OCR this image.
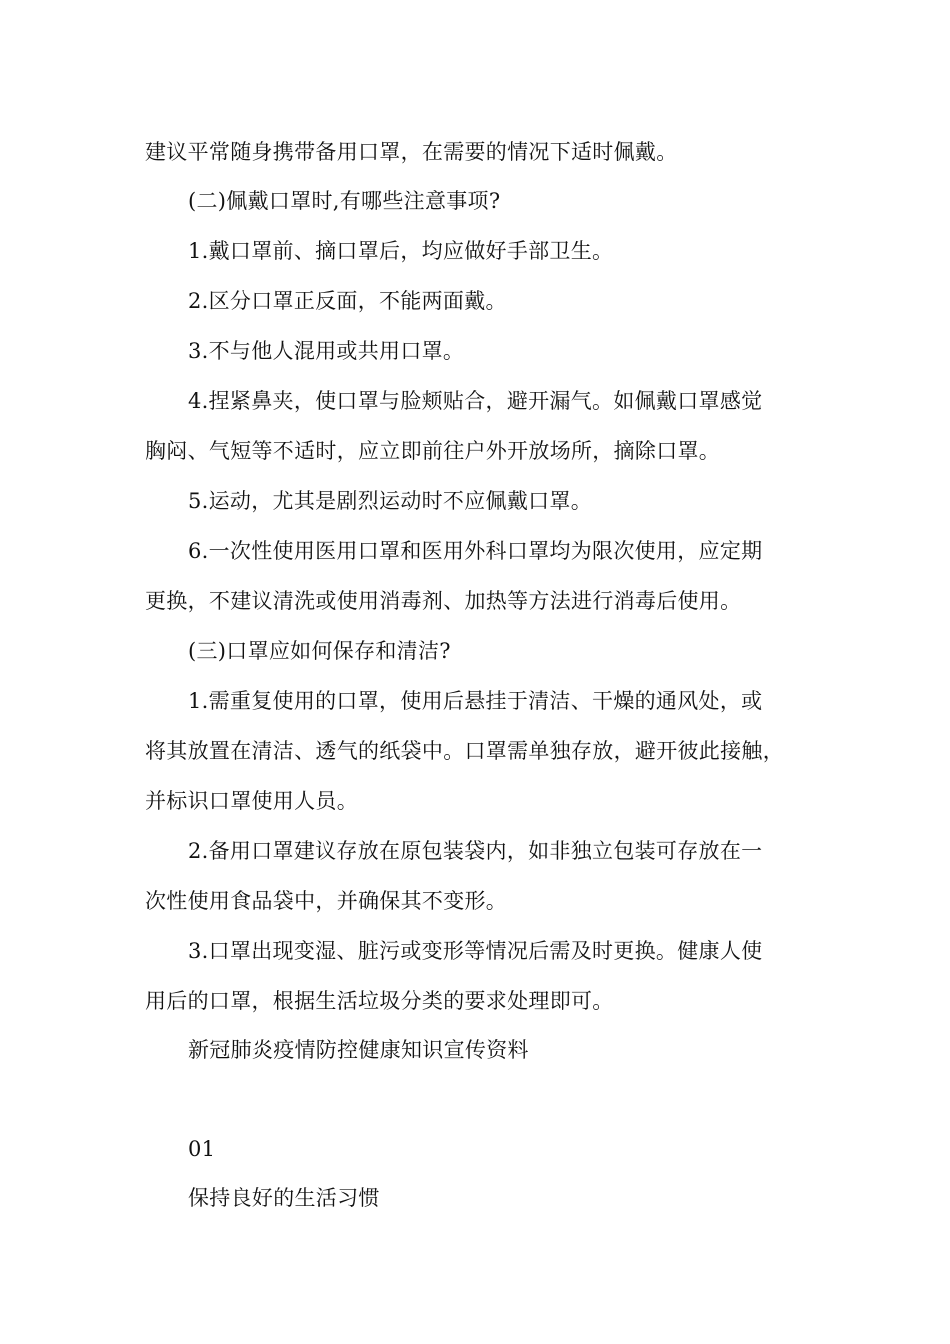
建议平常随身携带备用口罩，在需要的情况下适时佩戴。
(二)佩戴口罩时,有哪些注意事项?
1.戴口罩前、摘口罩后，均应做好手部卫生。
2.区分口罩正反面，不能两面戴。
3.不与他人混用或共用口罩。
4.捏紧鼻夹，使口罩与脸颊贴合，避开漏气。如佩戴口罩感觉
胸闷、气短等不适时，应立即前往户外开放场所，摘除口罩。
5.运动，尤其是剧烈运动时不应佩戴口罩。
6.一次性使用医用口罩和医用外科口罩均为限次使用，应定期
更换，不建议清洗或使用消毒剂、加热等方法进行消毒后使用。
(三)口罩应如何保存和清洁?
1.需重复使用的口罩，使用后悬挂于清洁、干燥的通风处，或
将其放置在清洁、透气的纸袋中。口罩需单独存放，避开彼此接触，
并标识口罩使用人员。
2.备用口罩建议存放在原包装袋内，如非独立包装可存放在一
次性使用食品袋中，并确保其不变形。
3.口罩出现变湿、脏污或变形等情况后需及时更换。健康人使
用后的口罩，根据生活垃圾分类的要求处理即可。
新冠肺炎疫情防控健康知识宣传资料
01
保持良好的生活习惯
